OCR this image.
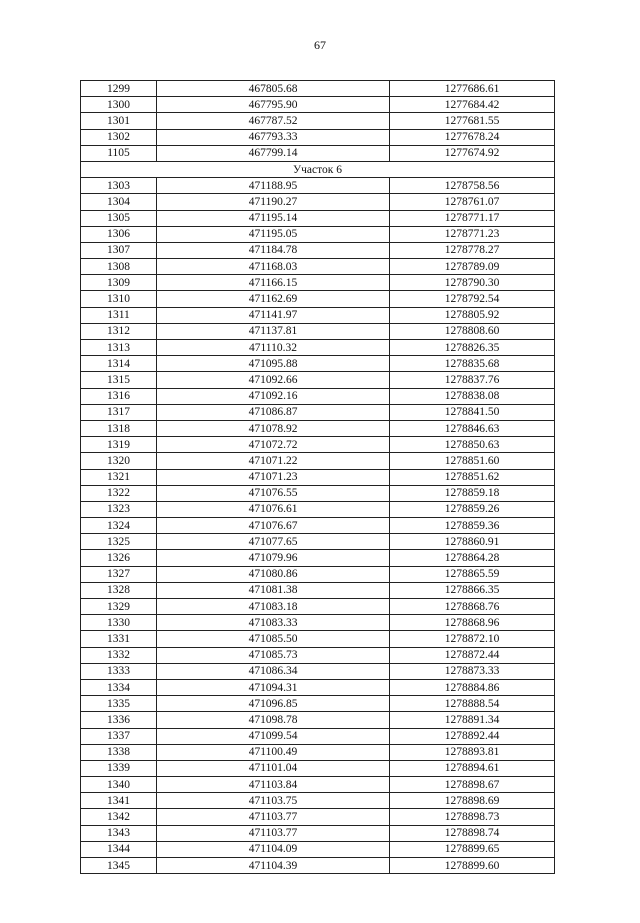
67
1299	467805.68	1277686.61
1300	467795.90	1277684.42
1301	467787.52	1277681.55
1302	467793.33	1277678.24
1105	467799.14	1277674.92
Участок 6		
1303	471188.95	1278758.56
1304	471190.27	1278761.07
1305	471195.14	1278771.17
1306	471195.05	1278771.23
1307	471184.78	1278778.27
1308	471168.03	1278789.09
1309	471166.15	1278790.30
1310	471162.69	1278792.54
1311	471141.97	1278805.92
1312	471137.81	1278808.60
1313	471110.32	1278826.35
1314	471095.88	1278835.68
1315	471092.66	1278837.76
1316	471092.16	1278838.08
1317	471086.87	1278841.50
1318	471078.92	1278846.63
1319	471072.72	1278850.63
1320	471071.22	1278851.60
1321	471071.23	1278851.62
1322	471076.55	1278859.18
1323	471076.61	1278859.26
1324	471076.67	1278859.36
1325	471077.65	1278860.91
1326	471079.96	1278864.28
1327	471080.86	1278865.59
1328	471081.38	1278866.35
1329	471083.18	1278868.76
1330	471083.33	1278868.96
1331	471085.50	1278872.10
1332	471085.73	1278872.44
1333	471086.34	1278873.33
1334	471094.31	1278884.86
1335	471096.85	1278888.54
1336	471098.78	1278891.34
1337	471099.54	1278892.44
1338	471100.49	1278893.81
1339	471101.04	1278894.61
1340	471103.84	1278898.67
1341	471103.75	1278898.69
1342	471103.77	1278898.73
1343	471103.77	1278898.74
1344	471104.09	1278899.65
1345	471104.39	1278899.60
